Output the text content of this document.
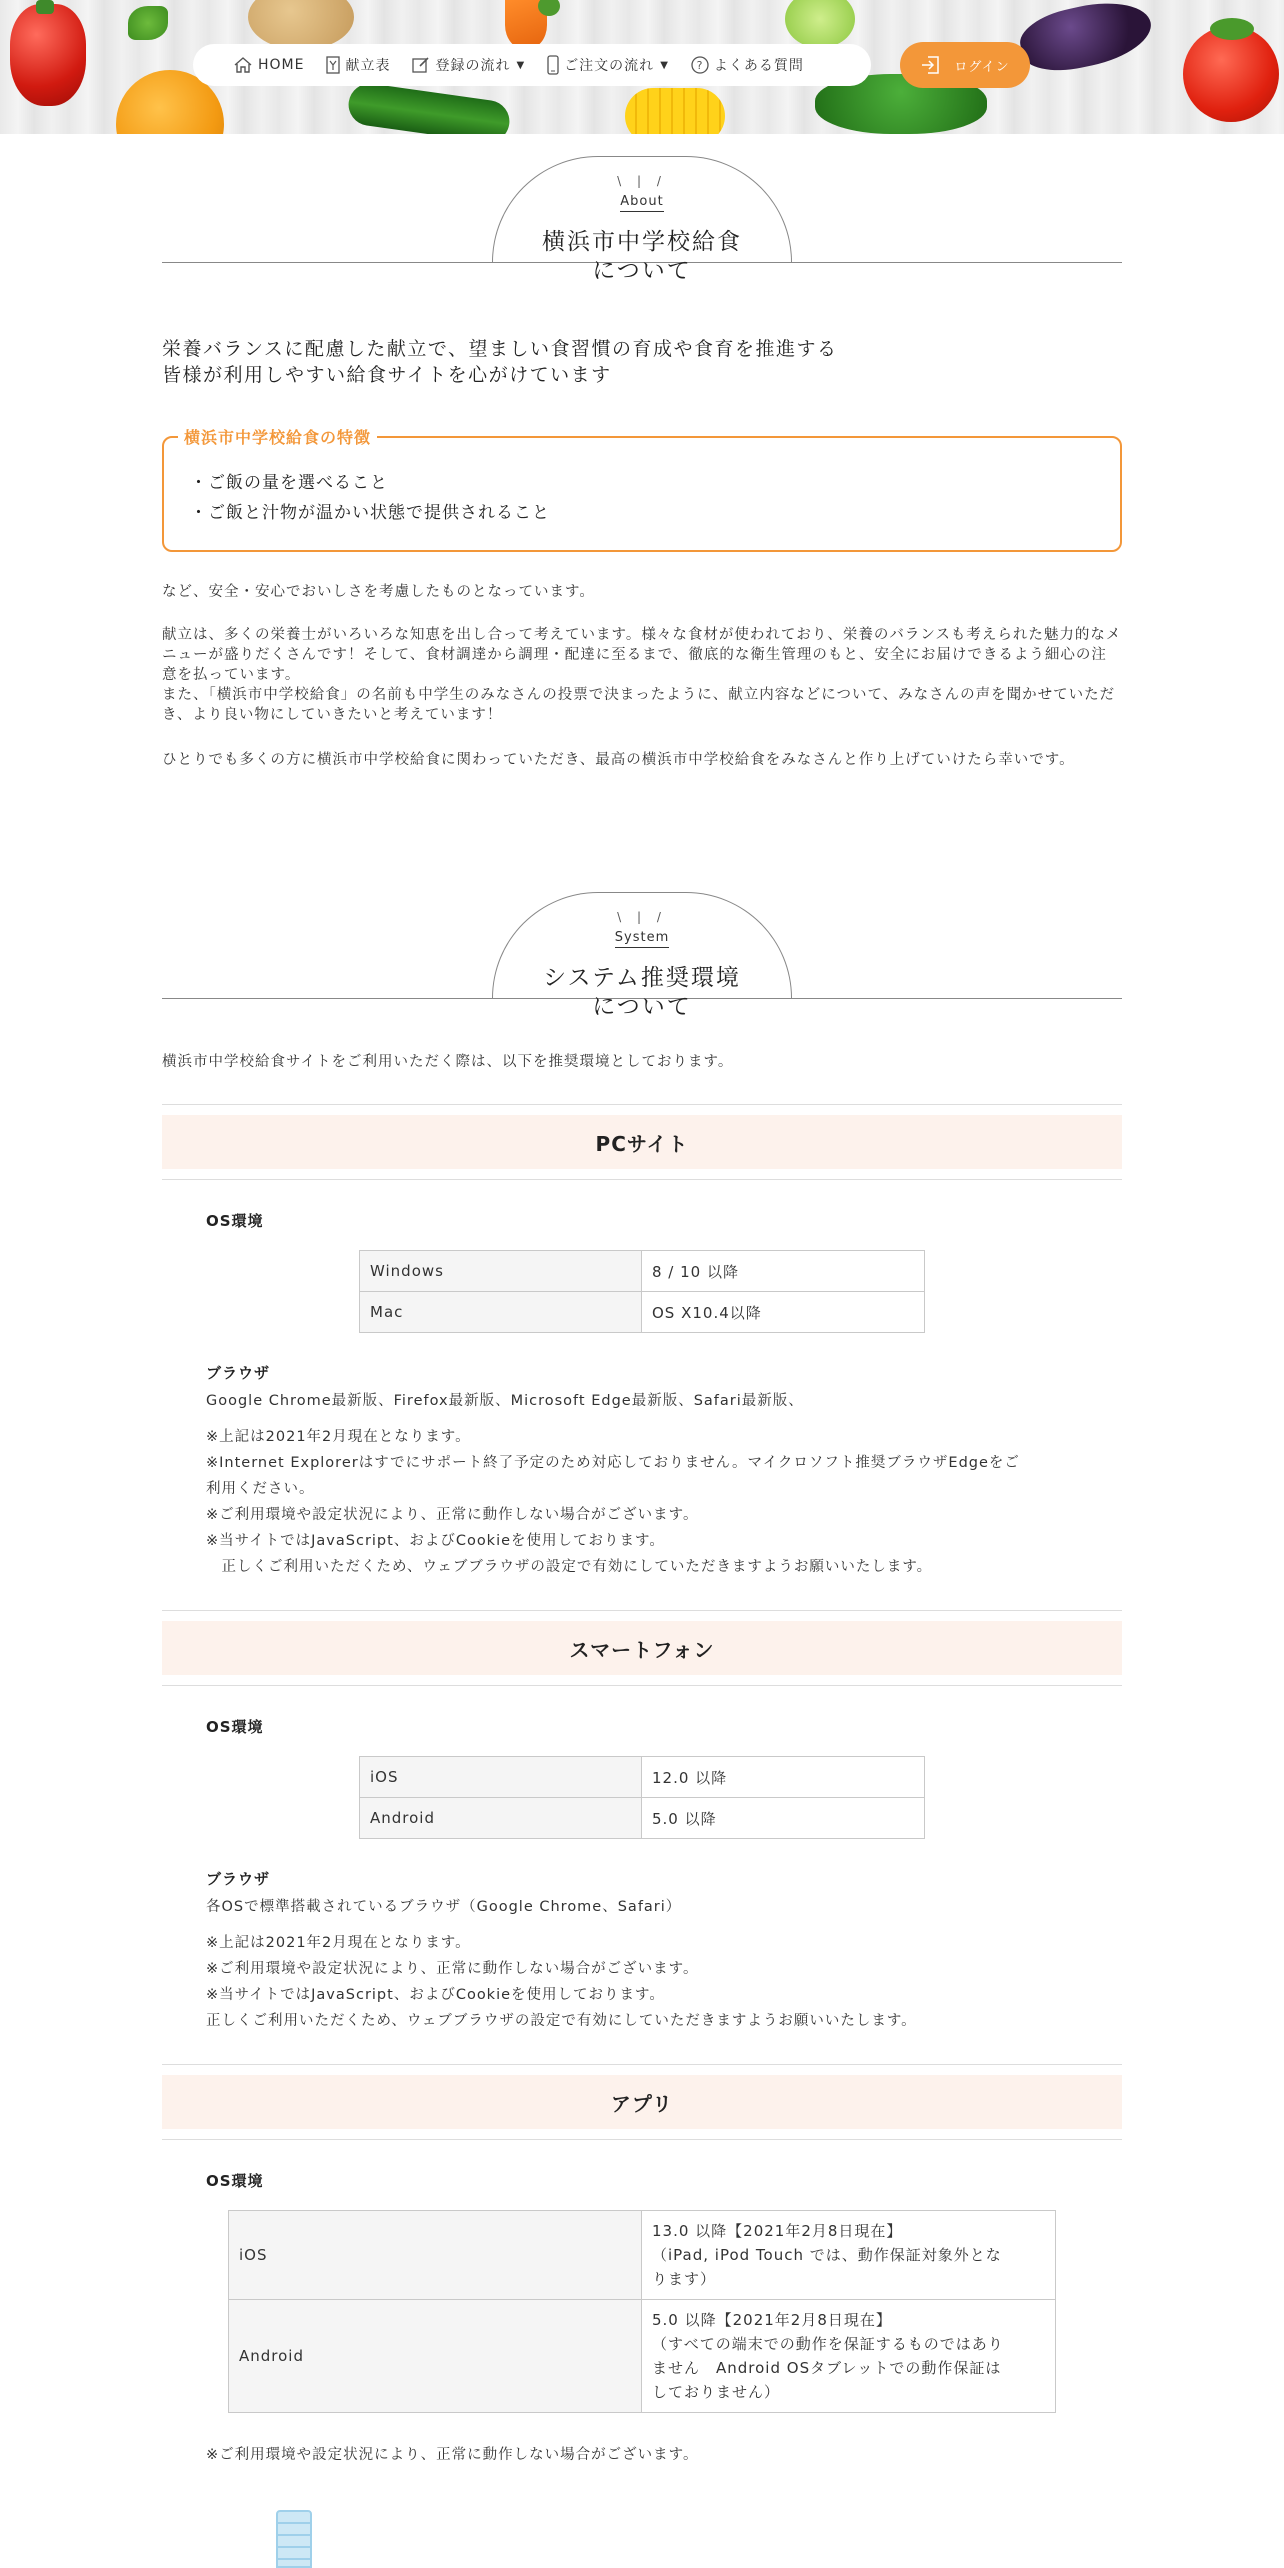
HOME	献立表	登録の流れ ▼	ご注文の流れ ▼	? よくある質問	ログイン
\ | /
About
横浜市中学校給食
について
栄養バランスに配慮した献立で、望ましい食習慣の育成や食育を推進する
皆様が利用しやすい給食サイトを心がけています
横浜市中学校給食の特徴
・ご飯の量を選べること
・ご飯と汁物が温かい状態で提供されること

など、安全・安心でおいしさを考慮したものとなっています。

献立は、多くの栄養士がいろいろな知恵を出し合って考えています。様々な食材が使われており、栄養のバランスも考えられた魅力的なメニューが盛りだくさんです！そして、食材調達から調理・配達に至るまで、徹底的な衛生管理のもと、安全にお届けできるよう細心の注意を払っています。

また、「横浜市中学校給食」の名前も中学生のみなさんの投票で決まったように、献立内容などについて、みなさんの声を聞かせていただき、より良い物にしていきたいと考えています！

ひとりでも多くの方に横浜市中学校給食に関わっていただき、最高の横浜市中学校給食をみなさんと作り上げていけたら幸いです。

\ | /
System
システム推奨環境
について

横浜市中学校給食サイトをご利用いただく際は、以下を推奨環境としております。

PCサイト
OS環境
Windows	8 / 10 以降
Mac	OS X10.4以降
ブラウザ
Google Chrome最新版、Firefox最新版、Microsoft Edge最新版、Safari最新版、
※上記は2021年2月現在となります。
※Internet Explorerはすでにサポート終了予定のため対応しておりません。マイクロソフト推奨ブラウザEdgeをご
利用ください。
※ご利用環境や設定状況により、正常に動作しない場合がございます。
※当サイトではJavaScript、およびCookieを使用しております。
　正しくご利用いただくため、ウェブブラウザの設定で有効にしていただきますようお願いいたします。
スマートフォン
OS環境
iOS	12.0 以降
Android	5.0 以降
ブラウザ
各OSで標準搭載されているブラウザ（Google Chrome、Safari）
※上記は2021年2月現在となります。
※ご利用環境や設定状況により、正常に動作しない場合がございます。
※当サイトではJavaScript、およびCookieを使用しております。
正しくご利用いただくため、ウェブブラウザの設定で有効にしていただきますようお願いいたします。
アプリ
OS環境
iOS	13.0 以降【2021年2月8日現在】
（iPad, iPod Touch では、動作保証対象外とな
ります）

Android	5.0 以降【2021年2月8日現在】
（すべての端末での動作を保証するものではあり
ません　Android OSタブレットでの動作保証は
しておりません）
※ご利用環境や設定状況により、正常に動作しない場合がございます。
